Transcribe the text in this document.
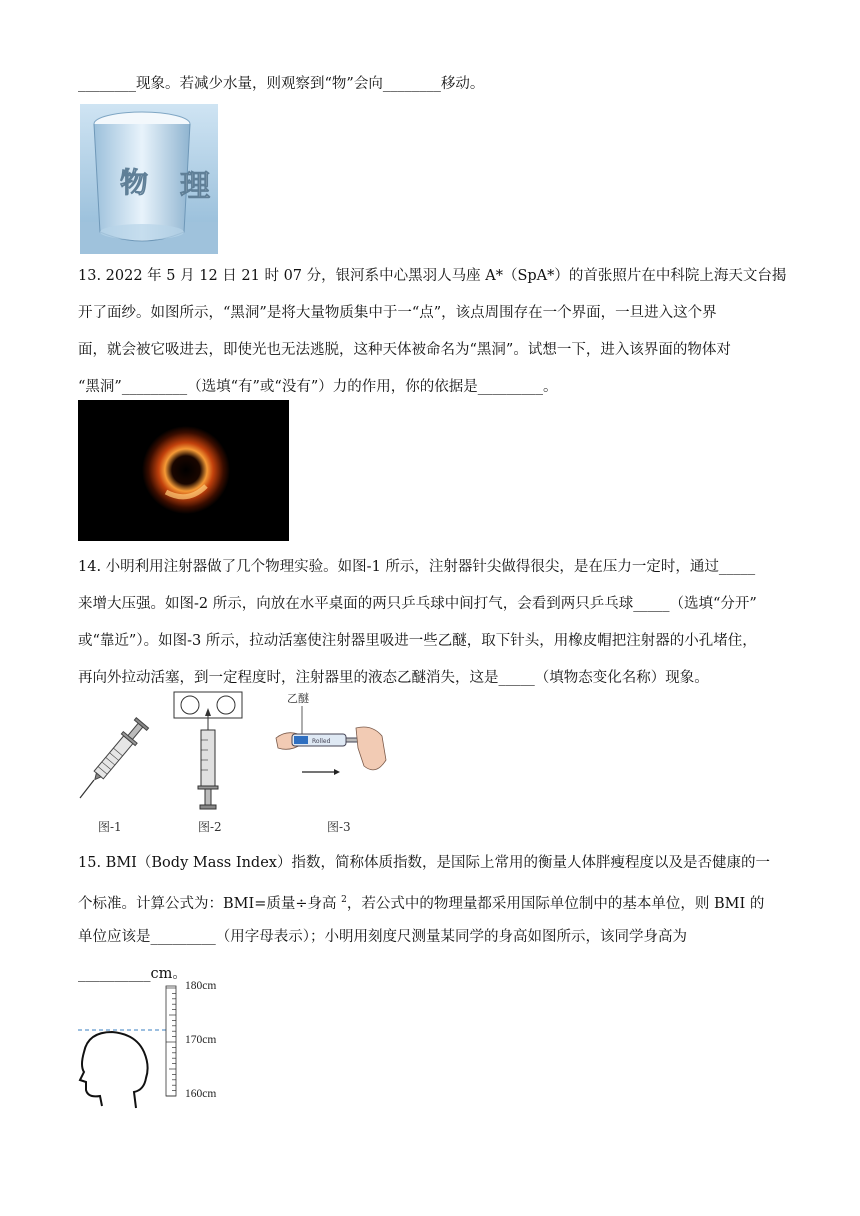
________现象。若减少水量，则观察到“物”会向________移动。
物 理
13. 2022 年 5 月 12 日 21 时 07 分，银河系中心黑羽人马座 A*（SpA*）的首张照片在中科院上海天文台揭
开了面纱。如图所示，“黑洞”是将大量物质集中于一“点”，该点周围存在一个界面，一旦进入这个界
面，就会被它吸进去，即使光也无法逃脱，这种天体被命名为“黑洞”。试想一下，进入该界面的物体对
“黑洞”_________（选填“有”或“没有”）力的作用，你的依据是_________。
14. 小明利用注射器做了几个物理实验。如图-1 所示，注射器针尖做得很尖，是在压力一定时，通过_____
来增大压强。如图-2 所示，向放在水平桌面的两只乒乓球中间打气，会看到两只乒乓球_____（选填“分开”
或“靠近”）。如图-3 所示，拉动活塞使注射器里吸进一些乙醚，取下针头，用橡皮帽把注射器的小孔堵住，
再向外拉动活塞，到一定程度时，注射器里的液态乙醚消失，这是_____（填物态变化名称）现象。
图-1	图-2
Rolled
乙醚
图-3
15. BMI（Body Mass Index）指数，简称体质指数，是国际上常用的衡量人体胖瘦程度以及是否健康的一
个标准。计算公式为：BMI=质量÷身高 $^2$，若公式中的物理量都采用国际单位制中的基本单位，则 BMI 的
单位应该是_________（用字母表示）；小明用刻度尺测量某同学的身高如图所示，该同学身高为
__________cm。
180cm
170cm
160cm
